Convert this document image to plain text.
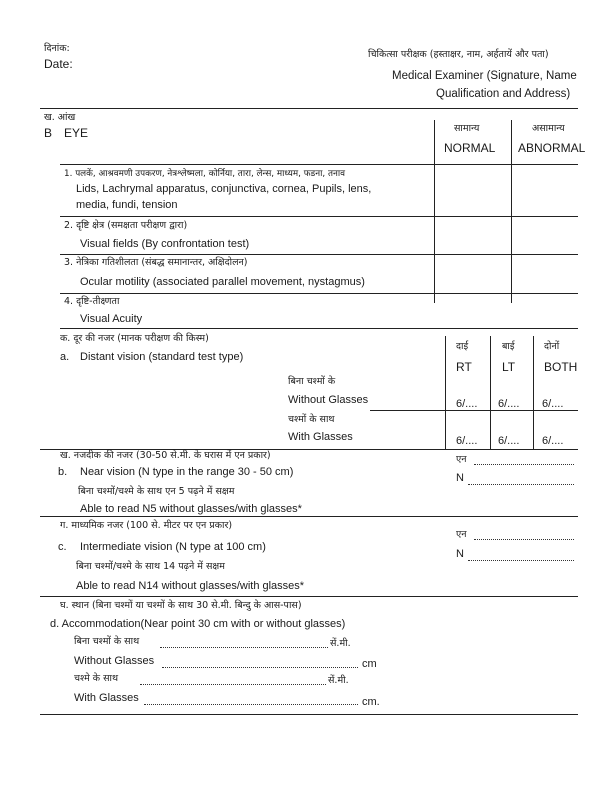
दिनांक:
Date:
चिकित्सा परीक्षक (हस्ताक्षर, नाम, अर्हतायें और पता)
Medical Examiner (Signature, Name
Qualification and Address)
ख. आंख
B EYE	सामान्य
NORMAL
असामान्य
ABNORMAL
1. पलकें, आश्रवमणी उपकरण, नेत्रश्लेष्मला, कोर्निया, तारा, लेन्स, माध्यम, फडना, तनाव
Lids, Lachrymal apparatus, conjunctiva, cornea, Pupils, lens,
media, fundi, tension
2. दृष्टि क्षेत्र (समक्षता परीक्षण द्वारा)
Visual fields (By confrontation test)
3. नेत्रिका गतिशीलता (संबद्ध समानान्तर, अक्षिदोलन)
Ocular motility (associated parallel movement, nystagmus)
4. दृष्टि-तीक्ष्णता
Visual Acuity
क. दूर की नजर (मानक परीक्षण की किस्म)
a. Distant vision (standard test type)
दाई
RT
बाई
LT
दोनों
BOTH
बिना चश्मों के
Without Glasses	6/.... 6/.... 6/....
चश्मों के साथ
With Glasses	6/.... 6/.... 6/....
ख. नजदीक की नजर (30-50 से.मी. के घरास में एन प्रकार)
b. Near vision (N type in the range 30 - 50 cm)
एन
N
बिना चश्मों/चश्मे के साथ एन 5 पढ़ने में सक्षम
Able to read N5 without glasses/with glasses*
ग. माध्यमिक नजर (100 से. मीटर पर एन प्रकार)
c. Intermediate vision (N type at 100 cm)
एन
N
बिना चश्मों/चश्मे के साथ 14 पढ़ने में सक्षम
Able to read N14 without glasses/with glasses*
घ. स्थान (बिना चश्मों या चश्मों के साथ 30 से.मी. बिन्दु के आस-पास)
d. Accommodation(Near point 30 cm with or without glasses)
बिना चश्मों के साथ	सें.मी.
Without Glasses	cm
चश्मे के साथ	सें.मी.
With Glasses	cm.
